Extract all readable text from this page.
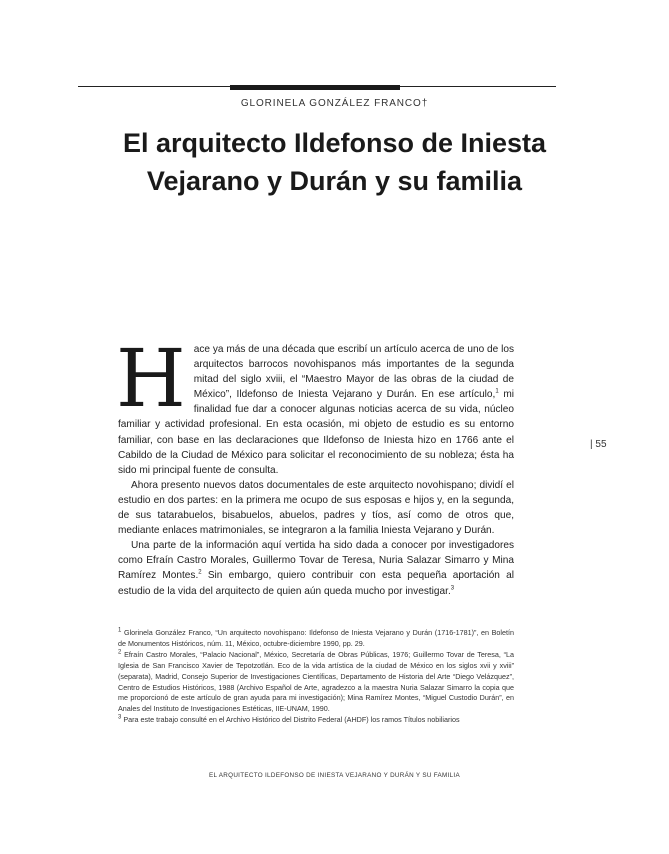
GLORINELA GONZÁLEZ FRANCO†
El arquitecto Ildefonso de Iniesta
Vejarano y Durán y su familia

Hace ya más de una década que escribí un artículo acerca de uno de los arquitectos barrocos novohispanos más importantes de la segunda mitad del siglo xviii, el “Maestro Mayor de las obras de la ciudad de México”, Ildefonso de Iniesta Vejarano y Durán. En ese artículo,$^1$ mi finalidad fue dar a conocer algunas noticias acerca de su vida, núcleo familiar y actividad profesional. En esta ocasión, mi objeto de estudio es su entorno familiar, con base en las declaraciones que Ildefonso de Iniesta hizo en 1766 ante el Cabildo de la Ciudad de México para solicitar el reconocimiento de su nobleza; ésta ha sido mi principal fuente de consulta.

Ahora presento nuevos datos documentales de este arquitecto novohispano; dividí el estudio en dos partes: en la primera me ocupo de sus esposas e hijos y, en la segunda, de sus tatarabuelos, bisabuelos, abuelos, padres y tíos, así como de otros que, mediante enlaces matrimoniales, se integraron a la familia Iniesta Vejarano y Durán.

Una parte de la información aquí vertida ha sido dada a conocer por investigadores como Efraín Castro Morales, Guillermo Tovar de Teresa, Nuria Salazar Simarro y Mina Ramírez Montes.$^2$ Sin embargo, quiero contribuir con esta pequeña aportación al estudio de la vida del arquitecto de quien aún queda mucho por investigar.$^3$

| 55

$^1$ Glorinela González Franco, “Un arquitecto novohispano: Ildefonso de Iniesta Vejarano y Durán (1716-1781)”, en Boletín de Monumentos Históricos, núm. 11, México, octubre-diciembre 1990, pp. 29.

$^2$ Efraín Castro Morales, “Palacio Nacional”, México, Secretaría de Obras Públicas, 1976; Guillermo Tovar de Teresa, “La Iglesia de San Francisco Xavier de Tepotzotlán. Eco de la vida artística de la ciudad de México en los siglos xvii y xviii” (separata), Madrid, Consejo Superior de Investigaciones Científicas, Departamento de Historia del Arte “Diego Velázquez”, Centro de Estudios Históricos, 1988 (Archivo Español de Arte, agradezco a la maestra Nuria Salazar Simarro la copia que me proporcionó de este artículo de gran ayuda para mi investigación); Mina Ramírez Montes, “Miguel Custodio Durán”, en Anales del Instituto de Investigaciones Estéticas, IIE-UNAM, 1990.

$^3$ Para este trabajo consulté en el Archivo Histórico del Distrito Federal (AHDF) los ramos Títulos nobiliarios

EL ARQUITECTO ILDEFONSO DE INIESTA VEJARANO Y DURÁN Y SU FAMILIA
